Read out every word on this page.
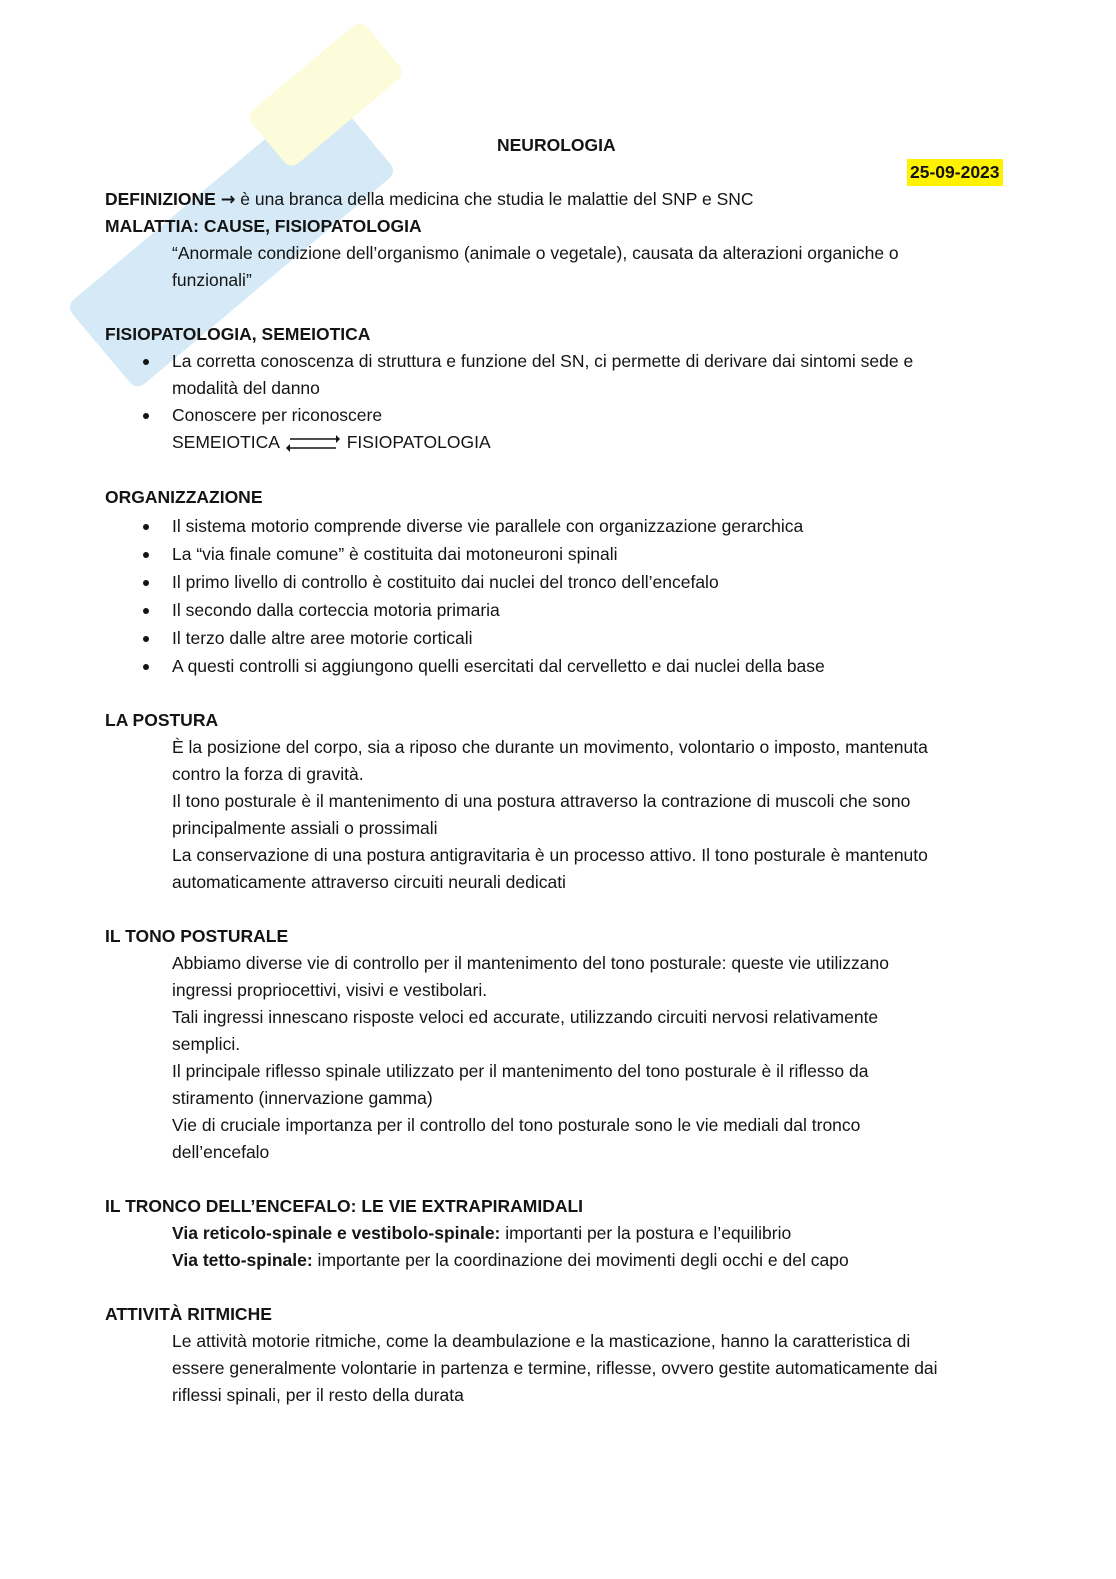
NEUROLOGIA
25-09-2023
DEFINIZIONE → è una branca della medicina che studia le malattie del SNP e SNC
MALATTIA: CAUSE, FISIOPATOLOGIA
“Anormale condizione dell’organismo (animale o vegetale), causata da alterazioni organiche o
funzionali”
FISIOPATOLOGIA, SEMEIOTICA
La corretta conoscenza di struttura e funzione del SN, ci permette di derivare dai sintomi sede e
modalità del danno
Conoscere per riconoscere
SEMEIOTICA	FISIOPATOLOGIA
ORGANIZZAZIONE
Il sistema motorio comprende diverse vie parallele con organizzazione gerarchica
La “via finale comune” è costituita dai motoneuroni spinali
Il primo livello di controllo è costituito dai nuclei del tronco dell’encefalo
Il secondo dalla corteccia motoria primaria
Il terzo dalle altre aree motorie corticali
A questi controlli si aggiungono quelli esercitati dal cervelletto e dai nuclei della base
LA POSTURA
È la posizione del corpo, sia a riposo che durante un movimento, volontario o imposto, mantenuta
contro la forza di gravità.
Il tono posturale è il mantenimento di una postura attraverso la contrazione di muscoli che sono
principalmente assiali o prossimali
La conservazione di una postura antigravitaria è un processo attivo. Il tono posturale è mantenuto
automaticamente attraverso circuiti neurali dedicati
IL TONO POSTURALE
Abbiamo diverse vie di controllo per il mantenimento del tono posturale: queste vie utilizzano
ingressi propriocettivi, visivi e vestibolari.
Tali ingressi innescano risposte veloci ed accurate, utilizzando circuiti nervosi relativamente
semplici.
Il principale riflesso spinale utilizzato per il mantenimento del tono posturale è il riflesso da
stiramento (innervazione gamma)
Vie di cruciale importanza per il controllo del tono posturale sono le vie mediali dal tronco
dell’encefalo
IL TRONCO DELL’ENCEFALO: LE VIE EXTRAPIRAMIDALI
Via reticolo-spinale e vestibolo-spinale: importanti per la postura e l’equilibrio
Via tetto-spinale: importante per la coordinazione dei movimenti degli occhi e del capo
ATTIVITÀ RITMICHE
Le attività motorie ritmiche, come la deambulazione e la masticazione, hanno la caratteristica di
essere generalmente volontarie in partenza e termine, riflesse, ovvero gestite automaticamente dai
riflessi spinali, per il resto della durata
